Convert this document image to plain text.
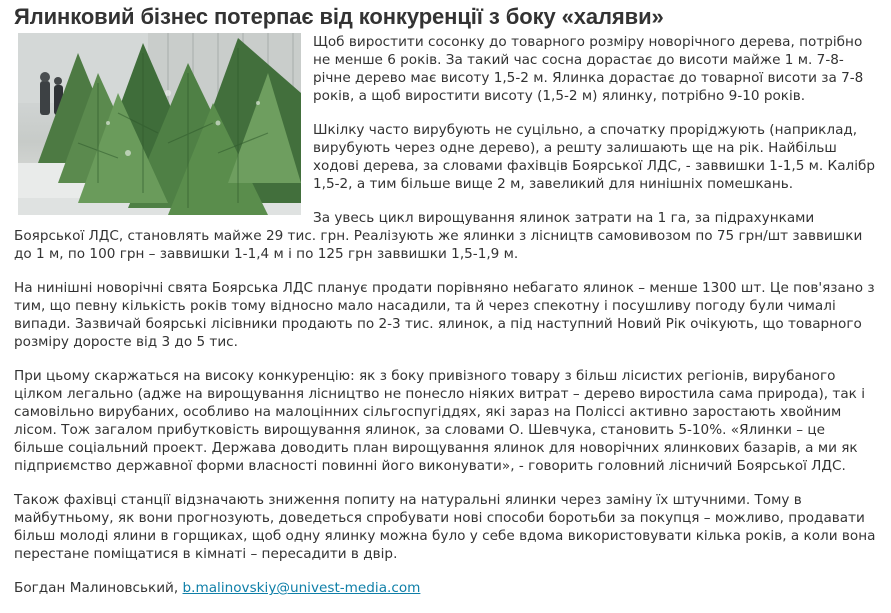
Ялинковий бізнес потерпає від конкуренції з боку «халяви»

Щоб виростити сосонку до товарного розміру новорічного дерева, потрібно не менше 6 років. За такий час сосна дорастає до висоти майже 1 м. 7-8-річне дерево має висоту 1,5-2 м. Ялинка дорастає до товарної висоти за 7-8 років, а щоб виростити висоту (1,5-2 м) ялинку, потрібно 9-10 років.

Шкілку часто вирубують не суцільно, а спочатку проріджують (наприклад, вирубують через одне дерево), а решту залишають ще на рік. Найбільш ходові дерева, за словами фахівців Боярської ЛДС, - заввишки 1-1,5 м. Калібр 1,5-2, а тим більше вище 2 м, завеликий для нинішніх помешкань.

За увесь цикл вирощування ялинок затрати на 1 га, за підрахунками Боярської ЛДС, становлять майже 29 тис. грн. Реалізують же ялинки з лісництв самовивозом по 75 грн/шт заввишки до 1 м, по 100 грн – заввишки 1-1,4 м і по 125 грн заввишки 1,5-1,9 м.

На нинішні новорічні свята Боярська ЛДС планує продати порівняно небагато ялинок – менше 1300 шт. Це пов'язано з тим, що певну кількість років тому відносно мало насадили, та й через спекотну і посушливу погоду були чималі випади. Зазвичай боярські лісівники продають по 2-3 тис. ялинок, а під наступний Новий Рік очікують, що товарного розміру доросте від 3 до 5 тис.

При цьому скаржаться на високу конкуренцію: як з боку привізного товару з більш лісистих регіонів, вирубаного цілком легально (адже на вирощування лісництво не понесло ніяких витрат – дерево виростила сама природа), так і самовільно вирубаних, особливо на малоцінних сільгоспугіддях, які зараз на Поліссі активно заростають хвойним лісом. Тож загалом прибутковість вирощування ялинок, за словами О. Шевчука, становить 5-10%. «Ялинки – це більше соціальний проект. Держава доводить план вирощування ялинок для новорічних ялинкових базарів, а ми як підприємство державної форми власності повинні його виконувати», - говорить головний лісничий Боярської ЛДС.

Також фахівці станції відзначають зниження попиту на натуральні ялинки через заміну їх штучними. Тому в майбутньому, як вони прогнозують, доведеться спробувати нові способи боротьби за покупця – можливо, продавати більш молоді ялини в горщиках, щоб одну ялинку можна було у себе вдома використовувати кілька років, а коли вона перестане поміщатися в кімнаті – пересадити в двір.

Богдан Малиновський, b.malinovskiy@univest-media.com
